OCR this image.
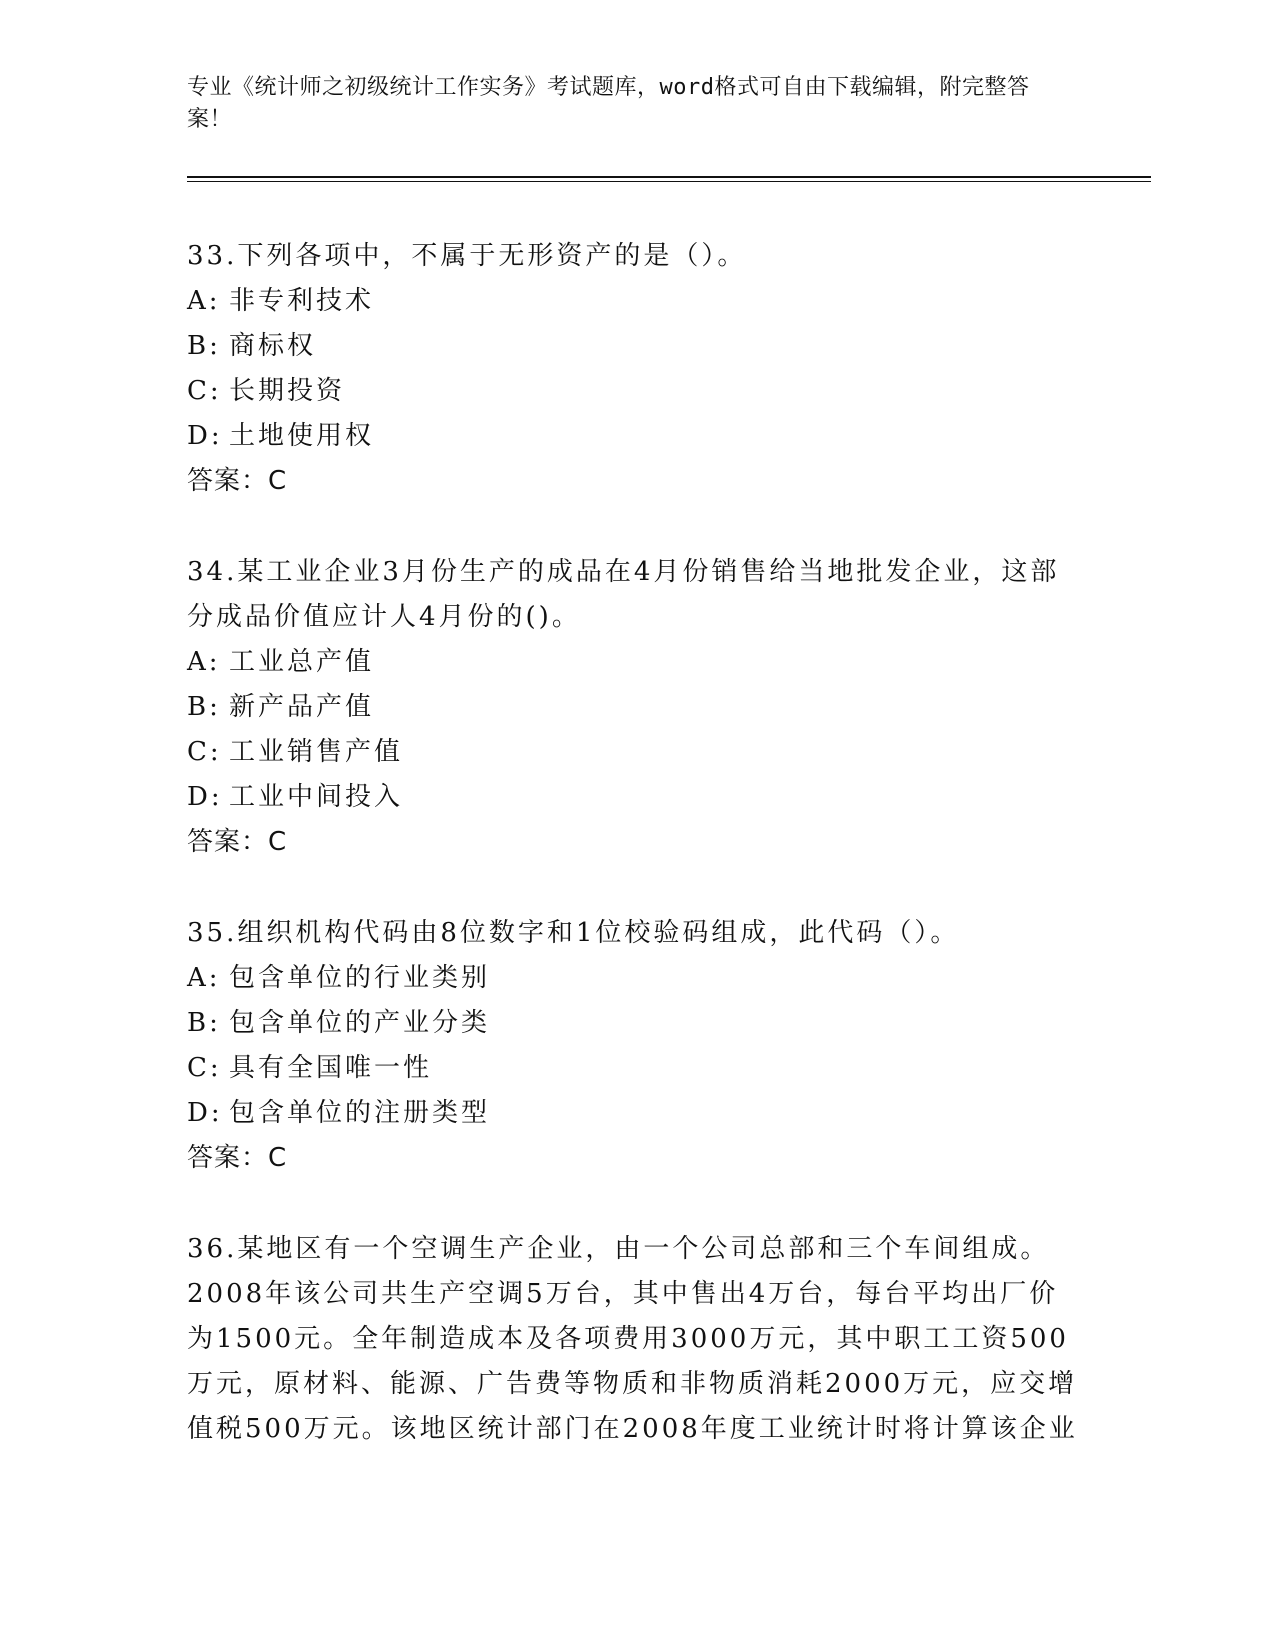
专业《统计师之初级统计工作实务》考试题库，word格式可自由下载编辑，附完整答案！

33.下列各项中，不属于无形资产的是（）。

A: 非专利技术
B: 商标权
C: 长期投资
D: 土地使用权
答案：C

34.某工业企业3月份生产的成品在4月份销售给当地批发企业，这部分成品价值应计人4月份的()。

A: 工业总产值
B: 新产品产值
C: 工业销售产值
D: 工业中间投入
答案：C

35.组织机构代码由8位数字和1位校验码组成，此代码（）。

A: 包含单位的行业类别
B: 包含单位的产业分类
C: 具有全国唯一性
D: 包含单位的注册类型
答案：C

36.某地区有一个空调生产企业，由一个公司总部和三个车间组成。2008年该公司共生产空调5万台，其中售出4万台，每台平均出厂价为1500元。全年制造成本及各项费用3000万元，其中职工工资500万元，原材料、能源、广告费等物质和非物质消耗2000万元，应交增值税500万元。该地区统计部门在2008年度工业统计时将计算该企业
